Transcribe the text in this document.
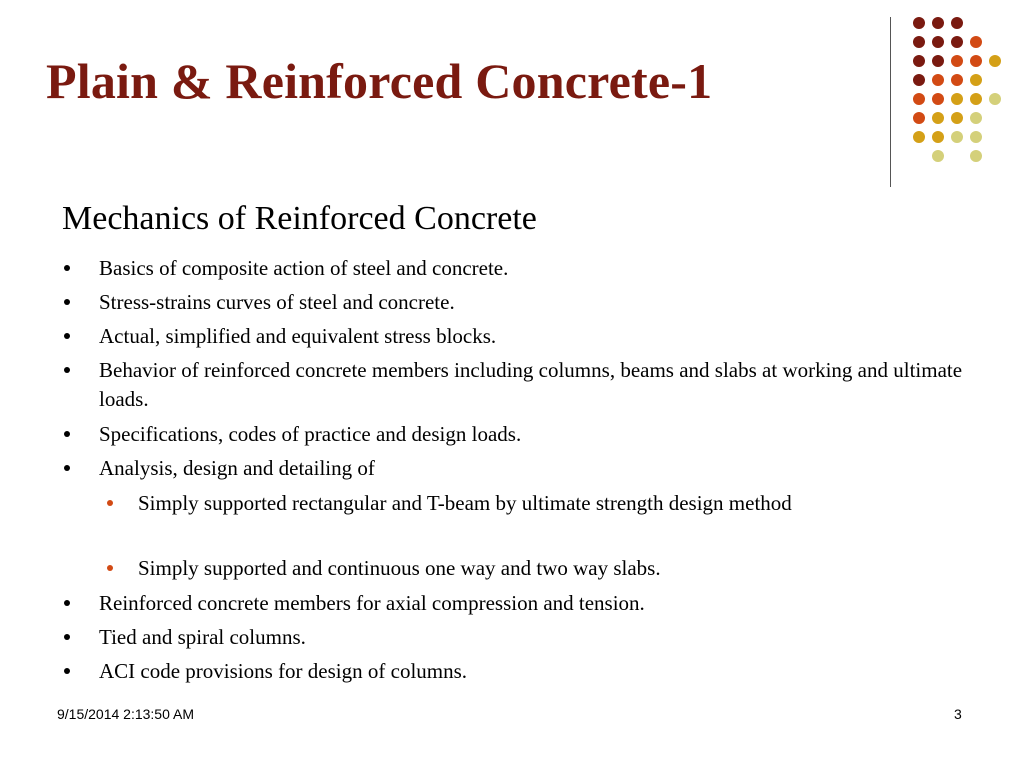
Plain & Reinforced Concrete-1
Mechanics of Reinforced Concrete
Basics of composite action of steel and concrete.
Stress-strains curves of steel and concrete.
Actual, simplified and equivalent stress blocks.
Behavior of reinforced concrete members including columns, beams and slabs at working and ultimate loads.
Specifications, codes of practice and design loads.
Analysis, design and detailing of
Simply supported rectangular and T-beam by ultimate strength design method
Simply supported and continuous one way and two way slabs.
Reinforced concrete members for axial compression and tension.
Tied and spiral columns.
ACI code provisions for design of columns.
9/15/2014 2:13:50 AM	3
